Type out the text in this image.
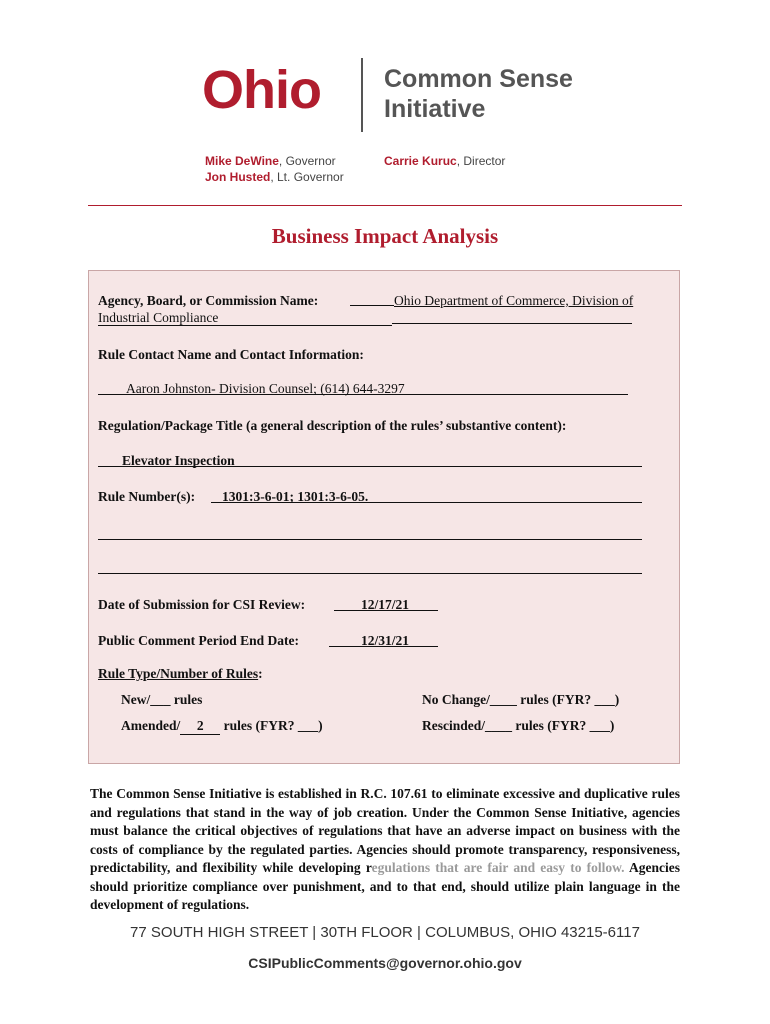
Ohio	Common Sense
Initiative
Mike DeWine, Governor
Jon Husted, Lt. Governor
Carrie Kuruc, Director
Business Impact Analysis
Agency, Board, or Commission Name:	Ohio Department of Commerce, Division of
Industrial Compliance
Rule Contact Name and Contact Information:
Aaron Johnston- Division Counsel; (614) 644-3297
Regulation/Package Title (a general description of the rules’ substantive content):
Elevator Inspection
Rule Number(s): 1301:3-6-01; 1301:3-6-05.
Date of Submission for CSI Review:	12/17/21
Public Comment Period End Date:	12/31/21
Rule Type/Number of Rules:
New/___ rules	No Change/____ rules (FYR? ___)
Amended/ 2 rules (FYR? ___)	Rescinded/____ rules (FYR? ___)
The Common Sense Initiative is established in R.C. 107.61 to eliminate excessive and duplicative rules and regulations that stand in the way of job creation. Under the Common Sense Initiative, agencies must balance the critical objectives of regulations that have an adverse impact on business with the costs of compliance by the regulated parties. Agencies should promote transparency, responsiveness, predictability, and flexibility while developing regulations that are fair and easy to follow. Agencies should prioritize compliance over punishment, and to that end, should utilize plain language in the development of regulations.
77 SOUTH HIGH STREET | 30TH FLOOR | COLUMBUS, OHIO 43215-6117
CSIPublicComments@governor.ohio.gov
